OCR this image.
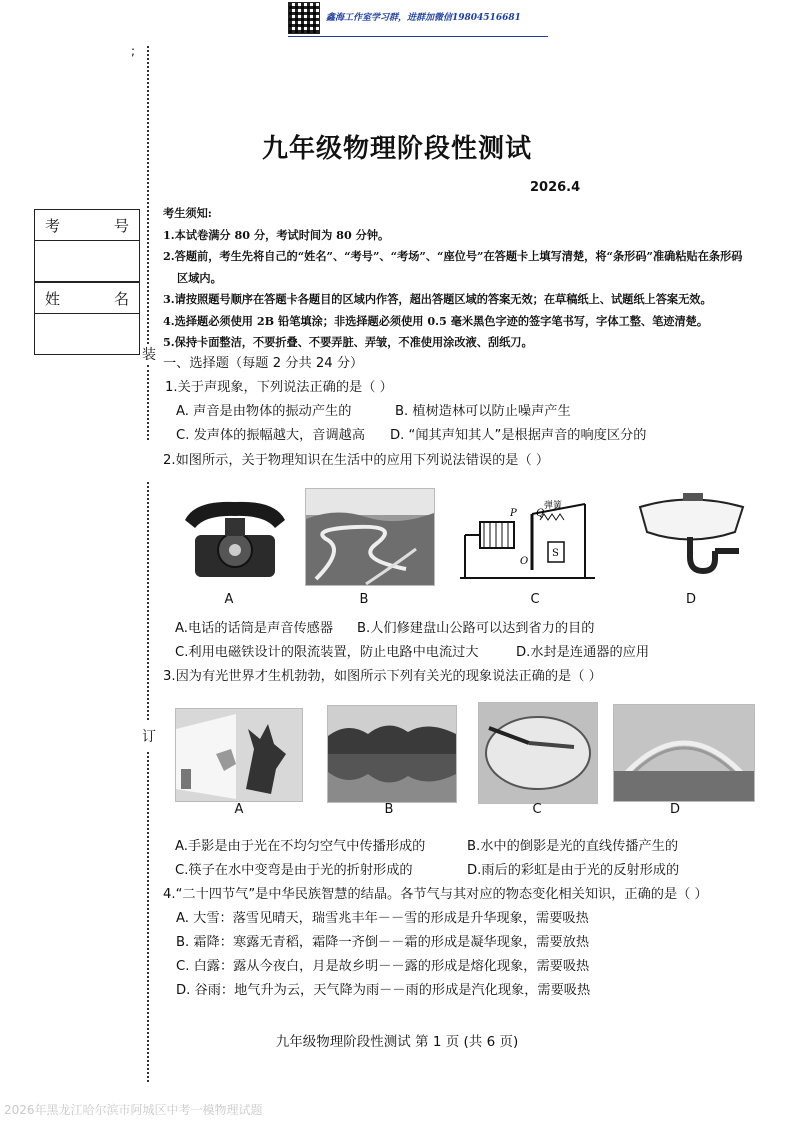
鑫海工作室学习群，进群加微信19804516681
;
装
订
考	号
姓	名
九年级物理阶段性测试
2026.4
考生须知:
1.本试卷满分 80 分，考试时间为 80 分钟。
2.答题前，考生先将自己的“姓名”、“考号”、“考场”、“座位号”在答题卡上填写清楚，将“条形码”准确粘贴在条形码
区域内。
3.请按照题号顺序在答题卡各题目的区域内作答，超出答题区域的答案无效；在草稿纸上、试题纸上答案无效。
4.选择题必须使用 2B 铅笔填涂；非选择题必须使用 0.5 毫米黑色字迹的签字笔书写，字体工整、笔迹清楚。
5.保持卡面整洁，不要折叠、不要弄脏、弄皱，不准使用涂改液、刮纸刀。
一、选择题（每题 2 分共 24 分）
1.关于声现象，下列说法正确的是（ ）
A. 声音是由物体的振动产生的	B. 植树造林可以防止噪声产生
C. 发声体的振幅越大，音调越高 D. “闻其声知其人”是根据声音的响度区分的
2.如图所示，关于物理知识在生活中的应用下列说法错误的是（ ）
P Q
O
S
弹簧
A	B	C	D
A.电话的话筒是声音传感器 B.人们修建盘山公路可以达到省力的目的
C.利用电磁铁设计的限流装置，防止电路中电流过大	D.水封是连通器的应用
3.因为有光世界才生机勃勃，如图所示下列有关光的现象说法正确的是（ ）
A	B	C	D
A.手影是由于光在不均匀空气中传播形成的	B.水中的倒影是光的直线传播产生的
C.筷子在水中变弯是由于光的折射形成的	D.雨后的彩虹是由于光的反射形成的
4.“二十四节气”是中华民族智慧的结晶。各节气与其对应的物态变化相关知识，正确的是（ ）
A. 大雪：落雪见晴天，瑞雪兆丰年－－雪的形成是升华现象，需要吸热
B. 霜降：寒露无青稻，霜降一齐倒－－霜的形成是凝华现象，需要放热
C. 白露：露从今夜白，月是故乡明－－露的形成是熔化现象，需要吸热
D. 谷雨：地气升为云，天气降为雨－－雨的形成是汽化现象，需要吸热
九年级物理阶段性测试 第 1 页 (共 6 页)
2026年黑龙江哈尔滨市阿城区中考一模物理试题
